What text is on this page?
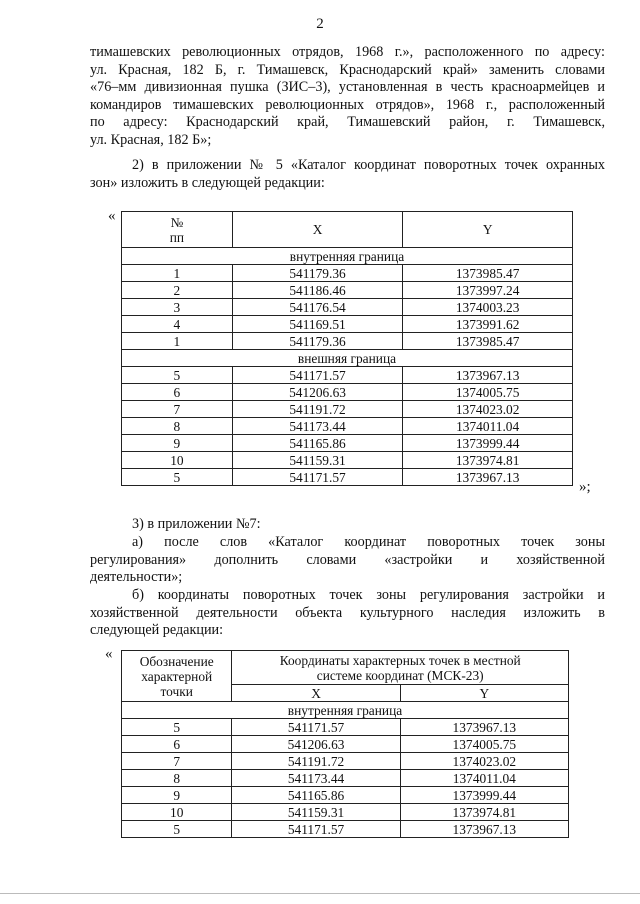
2
тимашевских революционных отрядов, 1968 г.», расположенного по адресу:
ул. Красная, 182 Б, г. Тимашевск, Краснодарский край» заменить словами
«76–мм дивизионная пушка (ЗИС–3), установленная в честь красноармейцев и
командиров тимашевских революционных отрядов», 1968 г., расположенный
по адресу: Краснодарский край, Тимашевский район, г. Тимашевск,
ул. Красная, 182 Б»;
2) в приложении № 5 «Каталог координат поворотных точек охранных
зон» изложить в следующей редакции:
«	№
пп	X	Y
внутренняя граница		
1	541179.36	1373985.47
2	541186.46	1373997.24
3	541176.54	1374003.23
4	541169.51	1373991.62
1	541179.36	1373985.47
внешняя граница		
5	541171.57	1373967.13
6	541206.63	1374005.75
7	541191.72	1374023.02
8	541173.44	1374011.04
9	541165.86	1373999.44
10	541159.31	1373974.81
5	541171.57	1373967.13
»;
3) в приложении №7:
а) после слов «Каталог координат поворотных точек зоны
регулирования» дополнить словами «застройки и хозяйственной
деятельности»;
б) координаты поворотных точек зоны регулирования застройки и
хозяйственной деятельности объекта культурного наследия изложить в
следующей редакции:
« Обозначение
характерной
точки	Координаты характерных точек в местной
системе координат (МСК-23)	
	X	Y
внутренняя граница		
5	541171.57	1373967.13
6	541206.63	1374005.75
7	541191.72	1374023.02
8	541173.44	1374011.04
9	541165.86	1373999.44
10	541159.31	1373974.81
5	541171.57	1373967.13
